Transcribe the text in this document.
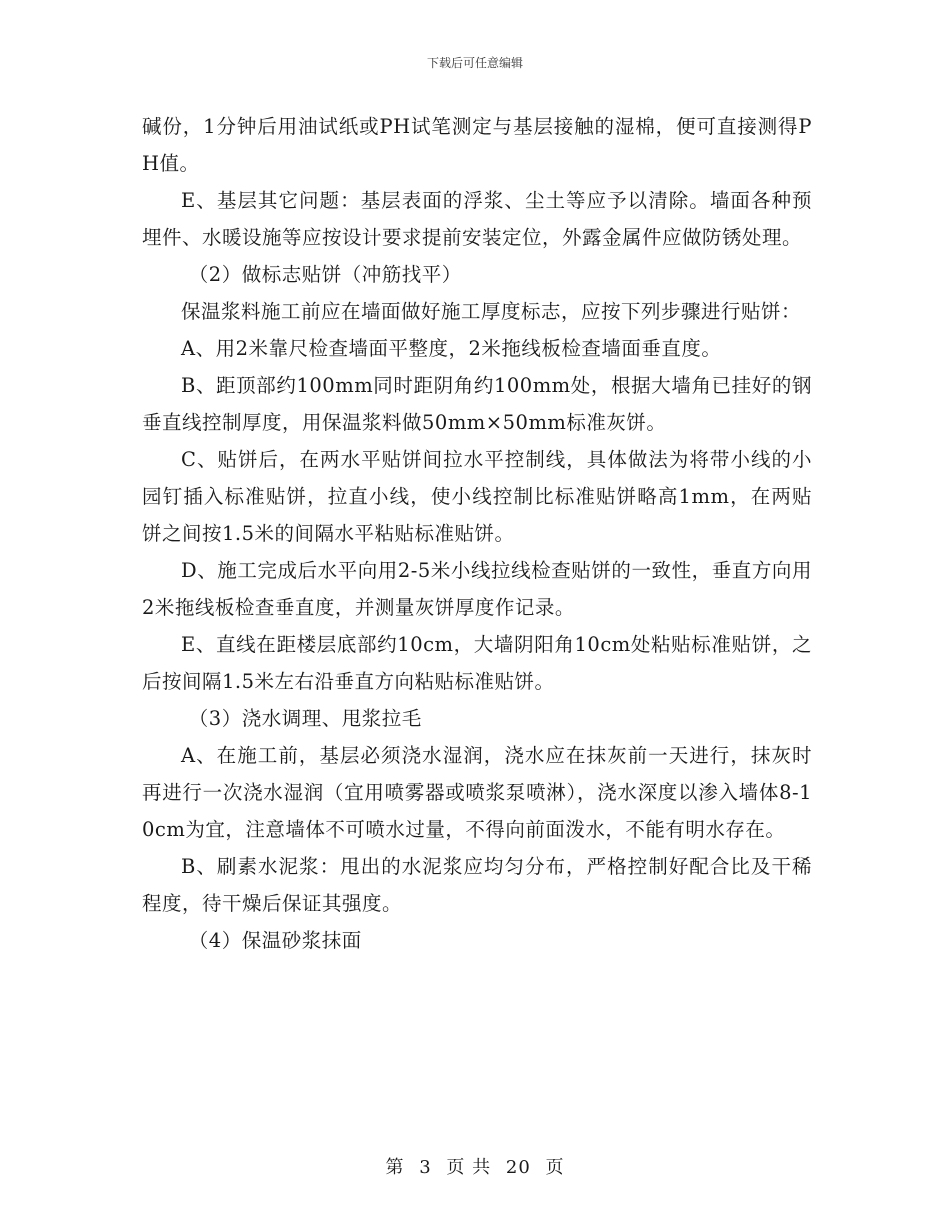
下载后可任意编辑

碱份，1分钟后用油试纸或PH试笔测定与基层接触的湿棉，便可直接测得PH值。

E、基层其它问题：基层表面的浮浆、尘土等应予以清除。墙面各种预埋件、水暖设施等应按设计要求提前安装定位，外露金属件应做防锈处理。

（2）做标志贴饼（冲筋找平）

保温浆料施工前应在墙面做好施工厚度标志，应按下列步骤进行贴饼：

A、用2米靠尺检查墙面平整度，2米拖线板检查墙面垂直度。

B、距顶部约100mm同时距阴角约100mm处，根据大墙角已挂好的钢垂直线控制厚度，用保温浆料做50mm×50mm标准灰饼。

C、贴饼后，在两水平贴饼间拉水平控制线，具体做法为将带小线的小园钉插入标准贴饼，拉直小线，使小线控制比标准贴饼略高1mm，在两贴饼之间按1.5米的间隔水平粘贴标准贴饼。

D、施工完成后水平向用2-5米小线拉线检查贴饼的一致性，垂直方向用2米拖线板检查垂直度，并测量灰饼厚度作记录。

E、直线在距楼层底部约10cm，大墙阴阳角10cm处粘贴标准贴饼，之后按间隔1.5米左右沿垂直方向粘贴标准贴饼。

（3）浇水调理、甩浆拉毛

A、在施工前，基层必须浇水湿润，浇水应在抹灰前一天进行，抹灰时再进行一次浇水湿润（宜用喷雾器或喷浆泵喷淋），浇水深度以渗入墙体8-10cm为宜，注意墙体不可喷水过量，不得向前面泼水，不能有明水存在。

B、刷素水泥浆：甩出的水泥浆应均匀分布，严格控制好配合比及干稀程度，待干燥后保证其强度。

（4）保温砂浆抹面

第 3 页 共 20 页
